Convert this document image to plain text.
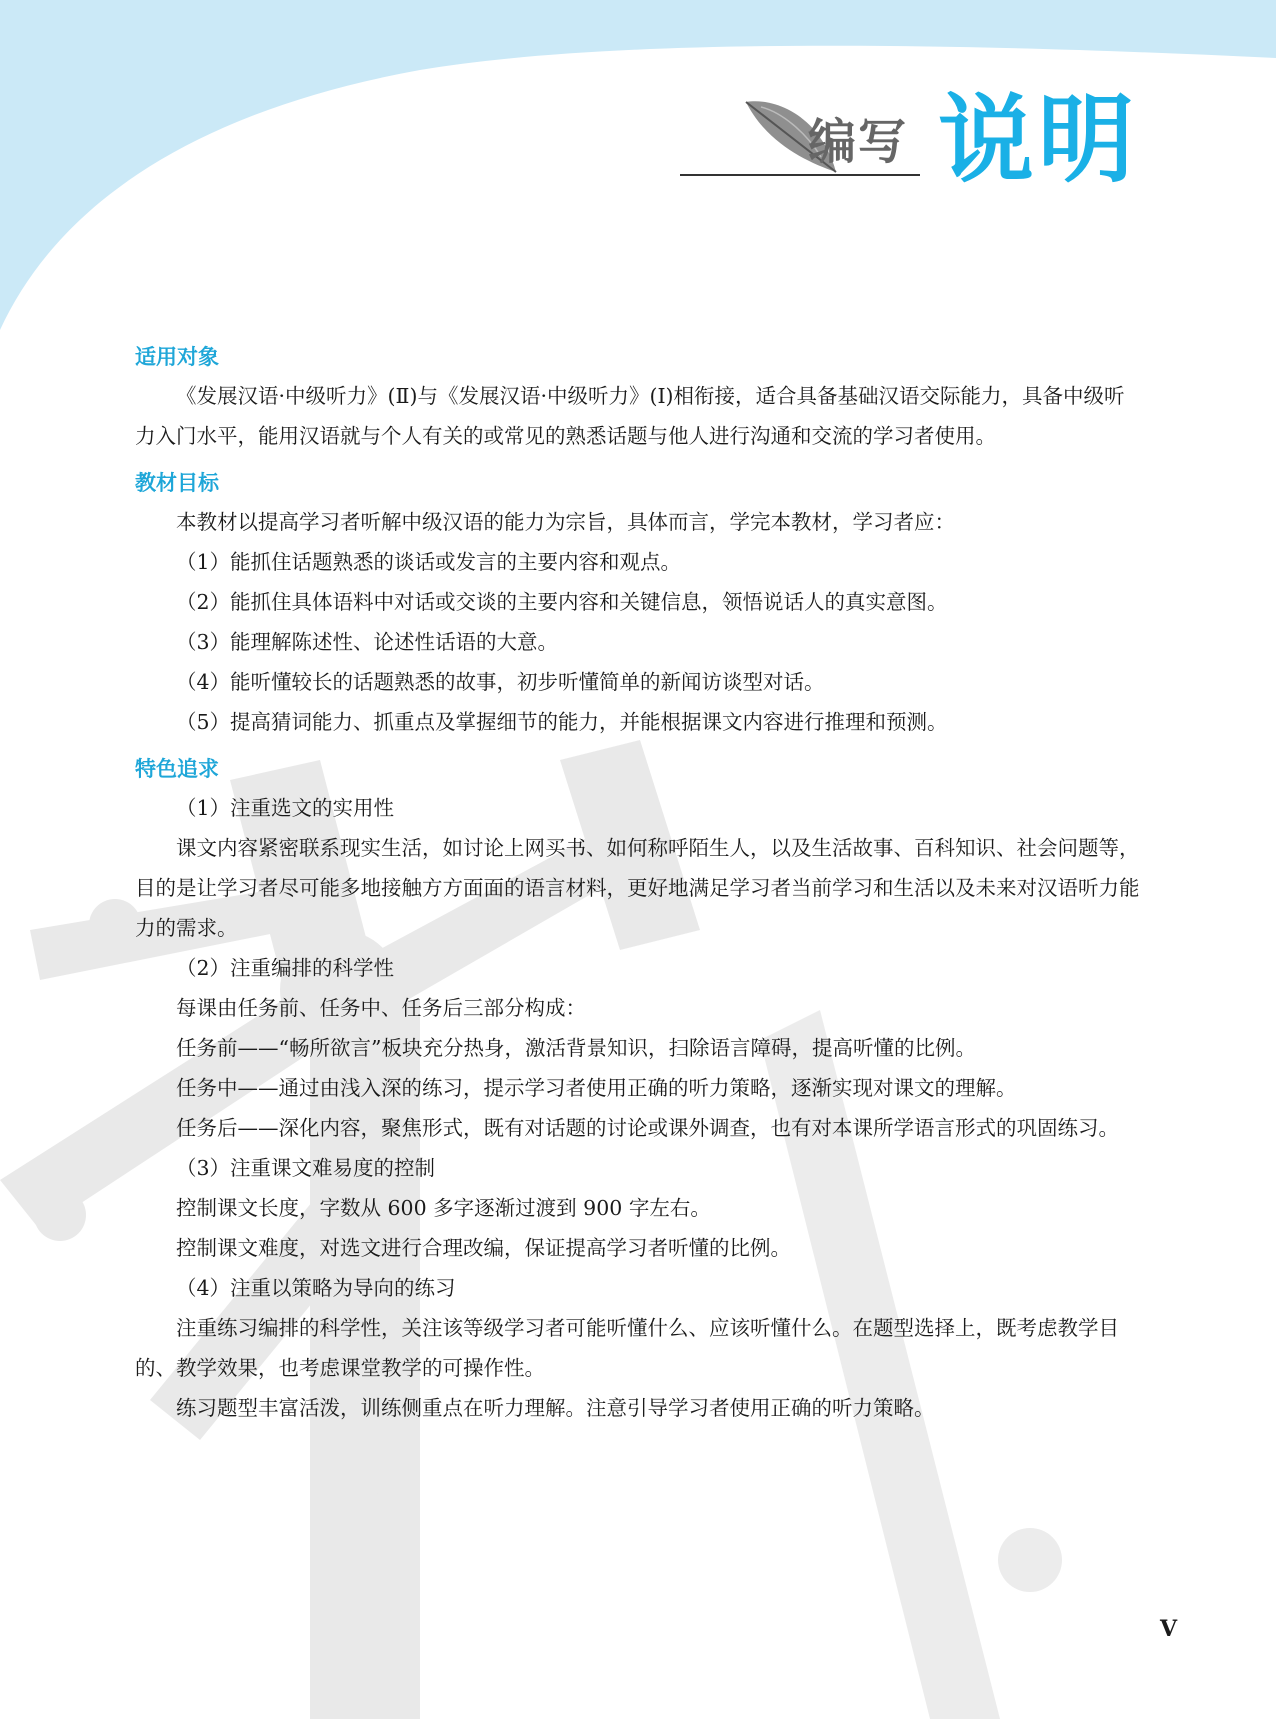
编写 说明
适用对象

《发展汉语·中级听力》(Ⅱ)与《发展汉语·中级听力》(Ⅰ)相衔接，适合具备基础汉语交际能力，具备中级听力入门水平，能用汉语就与个人有关的或常见的熟悉话题与他人进行沟通和交流的学习者使用。

教材目标

本教材以提高学习者听解中级汉语的能力为宗旨，具体而言，学完本教材，学习者应：

（1）能抓住话题熟悉的谈话或发言的主要内容和观点。

（2）能抓住具体语料中对话或交谈的主要内容和关键信息，领悟说话人的真实意图。

（3）能理解陈述性、论述性话语的大意。

（4）能听懂较长的话题熟悉的故事，初步听懂简单的新闻访谈型对话。

（5）提高猜词能力、抓重点及掌握细节的能力，并能根据课文内容进行推理和预测。

特色追求

（1）注重选文的实用性

课文内容紧密联系现实生活，如讨论上网买书、如何称呼陌生人，以及生活故事、百科知识、社会问题等，目的是让学习者尽可能多地接触方方面面的语言材料，更好地满足学习者当前学习和生活以及未来对汉语听力能力的需求。

（2）注重编排的科学性

每课由任务前、任务中、任务后三部分构成：

任务前——“畅所欲言”板块充分热身，激活背景知识，扫除语言障碍，提高听懂的比例。

任务中——通过由浅入深的练习，提示学习者使用正确的听力策略，逐渐实现对课文的理解。

任务后——深化内容，聚焦形式，既有对话题的讨论或课外调查，也有对本课所学语言形式的巩固练习。

（3）注重课文难易度的控制

控制课文长度，字数从 600 多字逐渐过渡到 900 字左右。

控制课文难度，对选文进行合理改编，保证提高学习者听懂的比例。

（4）注重以策略为导向的练习

注重练习编排的科学性，关注该等级学习者可能听懂什么、应该听懂什么。在题型选择上，既考虑教学目的、教学效果，也考虑课堂教学的可操作性。

练习题型丰富活泼，训练侧重点在听力理解。注意引导学习者使用正确的听力策略。

V
